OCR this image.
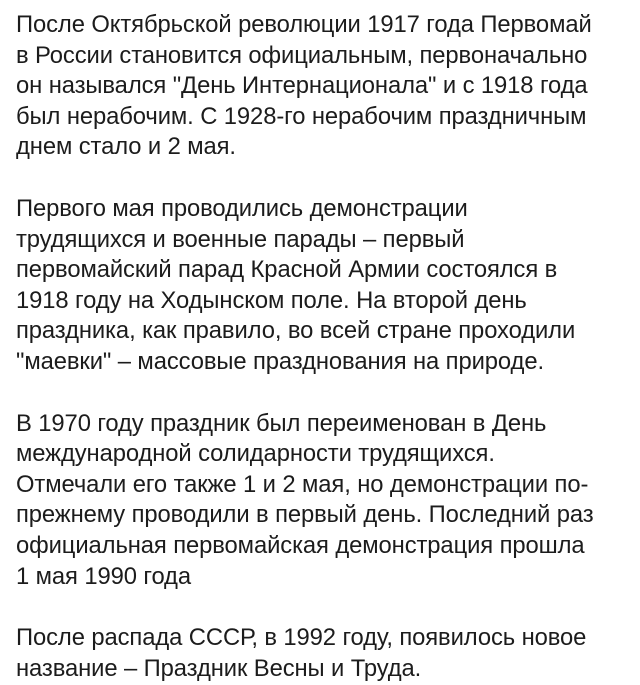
После Октябрьской революции 1917 года Первомай
в России становится официальным, первоначально
он назывался "День Интернационала" и с 1918 года
был нерабочим. С 1928-го нерабочим праздничным
днем стало и 2 мая.

Первого мая проводились демонстрации
трудящихся и военные парады – первый
первомайский парад Красной Армии состоялся в
1918 году на Ходынском поле. На второй день
праздника, как правило, во всей стране проходили
"маевки" – массовые празднования на природе.

В 1970 году праздник был переименован в День
международной солидарности трудящихся.
Отмечали его также 1 и 2 мая, но демонстрации по-
прежнему проводили в первый день. Последний раз
официальная первомайская демонстрация прошла
1 мая 1990 года

После распада СССР, в 1992 году, появилось новое
название – Праздник Весны и Труда.
